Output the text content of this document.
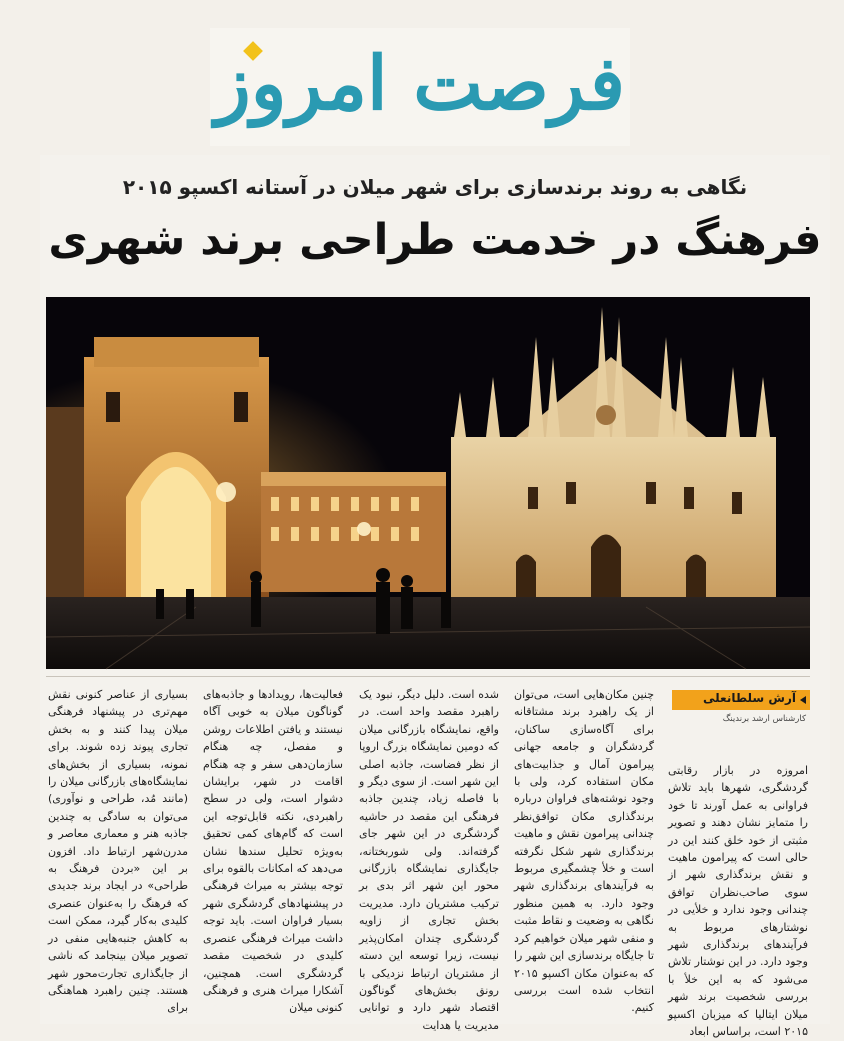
فرصت امروز
نگاهی به روند برندسازی برای شهر میلان در آستانه اکسپو ۲۰۱۵
فرهنگ در خدمت طراحی برند شهری
آرش سلطانعلی
کارشناس ارشد برندینگ
امروزه در بازار رقابتی گردشگری، شهرها باید تلاش فراوانی به عمل آورند تا خود را متمایز نشان دهند و تصویر مثبتی از خود خلق کنند این در حالی است که پیرامون ماهیت و نقش برندگذاری شهر از سوی صاحب‌نظران توافق چندانی وجود ندارد و خلأیی در نوشتارهای مربوط به فرآیندهای برندگذاری شهر وجود دارد. در این نوشتار تلاش می‌شود که به این خلأ با بررسی شخصیت برند شهر میلان ایتالیا که میزبان اکسپو ۲۰۱۵ است، براساس ابعاد
چنین مکان‌هایی است، می‌توان از یک راهبرد برند مشتاقانه برای آگاه‌سازی ساکنان، گردشگران و جامعه جهانی پیرامون آمال و جذابیت‌های مکان استفاده کرد، ولی با وجود نوشته‌های فراوان درباره برندگذاری مکان توافق‌نظر چندانی پیرامون نقش و ماهیت برندگذاری شهر شکل نگرفته است و خلأ چشمگیری مربوط به فرآیندهای برندگذاری شهر وجود دارد. به همین منظور نگاهی به وضعیت و نقاط مثبت و منفی شهر میلان خواهیم کرد تا جایگاه برندسازی این شهر را که به‌عنوان مکان اکسپو ۲۰۱۵ انتخاب شده است بررسی کنیم.
شده است. دلیل دیگر، نبود یک راهبرد مقصد واحد است. در واقع، نمایشگاه بازرگانی میلان که دومین نمایشگاه بزرگ اروپا از نظر فضاست، جاذبه اصلی این شهر است. از سوی دیگر و با فاصله زیاد، چندین جاذبه فرهنگی این مقصد در حاشیه گردشگری در این شهر جای گرفته‌اند. ولی شوربختانه، جایگذاری نمایشگاه بازرگانی محور این شهر اثر بدی بر ترکیب مشتریان دارد. مدیریت بخش تجاری از زاویه گردشگری چندان امکان‌پذیر نیست، زیرا توسعه این دسته از مشتریان ارتباط نزدیکی با رونق بخش‌های گوناگون اقتصاد شهر دارد و توانایی مدیریت یا هدایت
فعالیت‌ها، رویدادها و جاذبه‌های گوناگون میلان به خوبی آگاه نیستند و یافتن اطلاعات روشن و مفصل، چه هنگام سازمان‌دهی سفر و چه هنگام اقامت در شهر، برایشان دشوار است، ولی در سطح راهبردی، نکته قابل‌توجه این است که گام‌های کمی تحقیق به‌ویژه تحلیل سندها نشان می‌دهد که امکانات بالقوه برای توجه بیشتر به میراث فرهنگی در پیشنهادهای گردشگری شهر بسیار فراوان است. باید توجه داشت میراث فرهنگی عنصری کلیدی در شخصیت مقصد گردشگری است. همچنین، آشکارا میراث هنری و فرهنگی کنونی میلان
بسیاری از عناصر کنونی نقش مهم‌تری در پیشنهاد فرهنگی میلان پیدا کنند و به بخش تجاری پیوند زده شوند. برای نمونه، بسیاری از بخش‌های نمایشگاه‌های بازرگانی میلان را (مانند مُد، طراحی و نوآوری) می‌توان به سادگی به چندین جاذبه هنر و معماری معاصر و مدرن‌شهر ارتباط داد. افزون بر این «بردن فرهنگ به طراحی» در ایجاد برند جدیدی که فرهنگ را به‌عنوان عنصری کلیدی به‌کار گیرد، ممکن است به کاهش جنبه‌هایی منفی در تصویر میلان بینجامد که ناشی از جایگذاری تجارت‌محور شهر هستند. چنین راهبرد هماهنگی برای
